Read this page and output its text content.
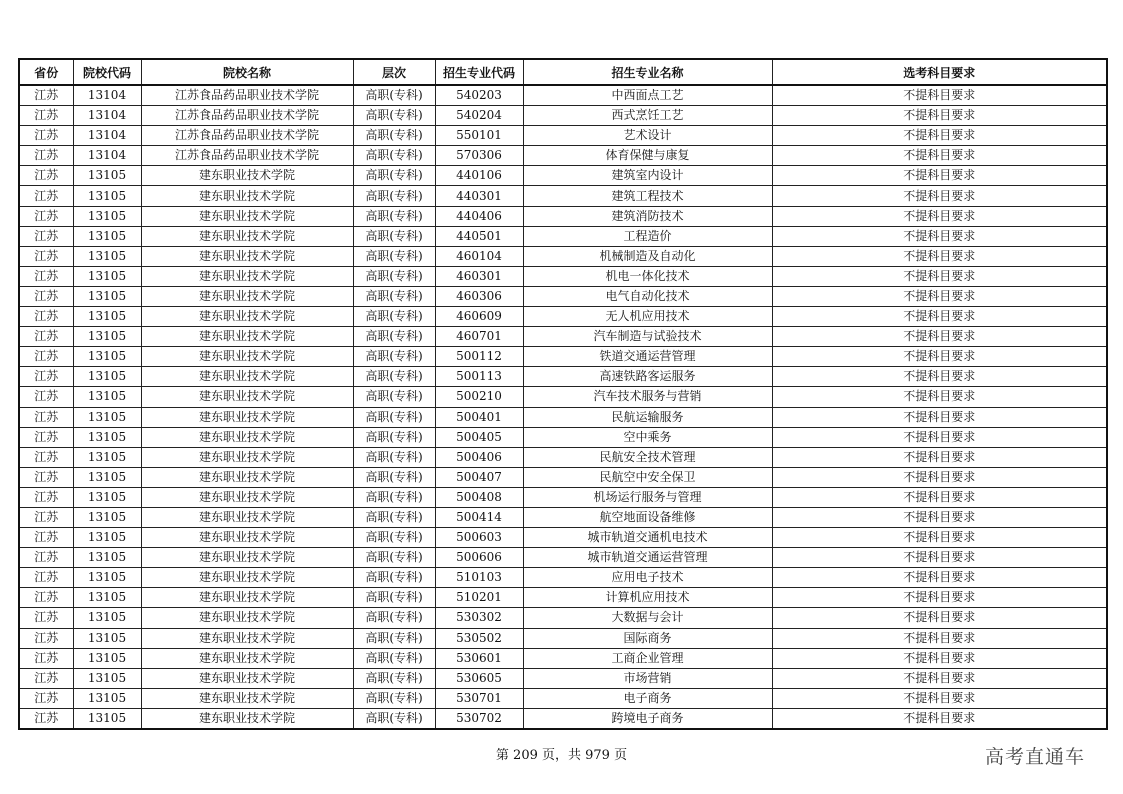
省份	院校代码	院校名称	层次	招生专业代码	招生专业名称	选考科目要求
江苏	13104	江苏食品药品职业技术学院	高职(专科)	540203	中西面点工艺	不提科目要求
江苏	13104	江苏食品药品职业技术学院	高职(专科)	540204	西式烹饪工艺	不提科目要求
江苏	13104	江苏食品药品职业技术学院	高职(专科)	550101	艺术设计	不提科目要求
江苏	13104	江苏食品药品职业技术学院	高职(专科)	570306	体育保健与康复	不提科目要求
江苏	13105	建东职业技术学院	高职(专科)	440106	建筑室内设计	不提科目要求
江苏	13105	建东职业技术学院	高职(专科)	440301	建筑工程技术	不提科目要求
江苏	13105	建东职业技术学院	高职(专科)	440406	建筑消防技术	不提科目要求
江苏	13105	建东职业技术学院	高职(专科)	440501	工程造价	不提科目要求
江苏	13105	建东职业技术学院	高职(专科)	460104	机械制造及自动化	不提科目要求
江苏	13105	建东职业技术学院	高职(专科)	460301	机电一体化技术	不提科目要求
江苏	13105	建东职业技术学院	高职(专科)	460306	电气自动化技术	不提科目要求
江苏	13105	建东职业技术学院	高职(专科)	460609	无人机应用技术	不提科目要求
江苏	13105	建东职业技术学院	高职(专科)	460701	汽车制造与试验技术	不提科目要求
江苏	13105	建东职业技术学院	高职(专科)	500112	铁道交通运营管理	不提科目要求
江苏	13105	建东职业技术学院	高职(专科)	500113	高速铁路客运服务	不提科目要求
江苏	13105	建东职业技术学院	高职(专科)	500210	汽车技术服务与营销	不提科目要求
江苏	13105	建东职业技术学院	高职(专科)	500401	民航运输服务	不提科目要求
江苏	13105	建东职业技术学院	高职(专科)	500405	空中乘务	不提科目要求
江苏	13105	建东职业技术学院	高职(专科)	500406	民航安全技术管理	不提科目要求
江苏	13105	建东职业技术学院	高职(专科)	500407	民航空中安全保卫	不提科目要求
江苏	13105	建东职业技术学院	高职(专科)	500408	机场运行服务与管理	不提科目要求
江苏	13105	建东职业技术学院	高职(专科)	500414	航空地面设备维修	不提科目要求
江苏	13105	建东职业技术学院	高职(专科)	500603	城市轨道交通机电技术	不提科目要求
江苏	13105	建东职业技术学院	高职(专科)	500606	城市轨道交通运营管理	不提科目要求
江苏	13105	建东职业技术学院	高职(专科)	510103	应用电子技术	不提科目要求
江苏	13105	建东职业技术学院	高职(专科)	510201	计算机应用技术	不提科目要求
江苏	13105	建东职业技术学院	高职(专科)	530302	大数据与会计	不提科目要求
江苏	13105	建东职业技术学院	高职(专科)	530502	国际商务	不提科目要求
江苏	13105	建东职业技术学院	高职(专科)	530601	工商企业管理	不提科目要求
江苏	13105	建东职业技术学院	高职(专科)	530605	市场营销	不提科目要求
江苏	13105	建东职业技术学院	高职(专科)	530701	电子商务	不提科目要求
江苏	13105	建东职业技术学院	高职(专科)	530702	跨境电子商务	不提科目要求
第 209 页，共 979 页	高考直通车
